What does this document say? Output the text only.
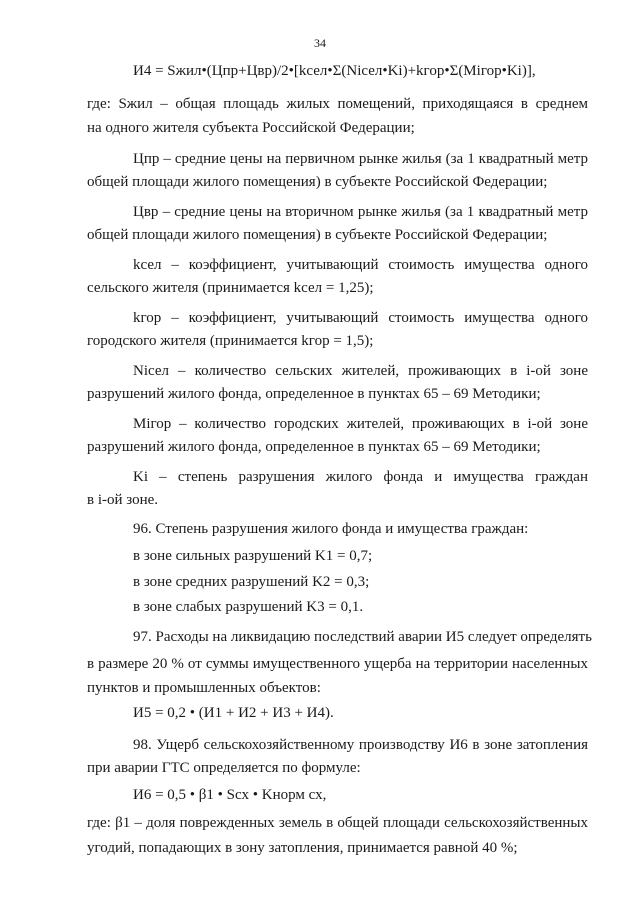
34
И4 = Sжил•(Цпр+Цвр)/2•[kсел•Σ(Niсел•Ki)+kгор•Σ(Miгор•Ki)],
где: Sжил – общая площадь жилых помещений, приходящаяся в среднем
на одного жителя субъекта Российской Федерации;
Цпр – средние цены на первичном рынке жилья (за 1 квадратный метр
общей площади жилого помещения) в субъекте Российской Федерации;
Цвр – средние цены на вторичном рынке жилья (за 1 квадратный метр
общей площади жилого помещения) в субъекте Российской Федерации;
kсел – коэффициент, учитывающий стоимость имущества одного
сельского жителя (принимается kсел = 1,25);
kгор – коэффициент, учитывающий стоимость имущества одного
городского жителя (принимается kгор = 1,5);
Niсел – количество сельских жителей, проживающих в i-ой зоне
разрушений жилого фонда, определенное в пунктах 65 – 69 Методики;
Miгор – количество городских жителей, проживающих в i-ой зоне
разрушений жилого фонда, определенное в пунктах 65 – 69 Методики;
Ki – степень разрушения жилого фонда и имущества граждан
в i-ой зоне.
96. Степень разрушения жилого фонда и имущества граждан:
в зоне сильных разрушений K1 = 0,7;
в зоне средних разрушений K2 = 0,3;
в зоне слабых разрушений K3 = 0,1.
97. Расходы на ликвидацию последствий аварии И5 следует определять
в размере 20 % от суммы имущественного ущерба на территории населенных
пунктов и промышленных объектов:
И5 = 0,2 • (И1 + И2 + И3 + И4).
98. Ущерб сельскохозяйственному производству И6 в зоне затопления
при аварии ГТС определяется по формуле:
И6 = 0,5 • β1 • Sсх • Kнорм сх,
где: β1 – доля поврежденных земель в общей площади сельскохозяйственных
угодий, попадающих в зону затопления, принимается равной 40 %;
